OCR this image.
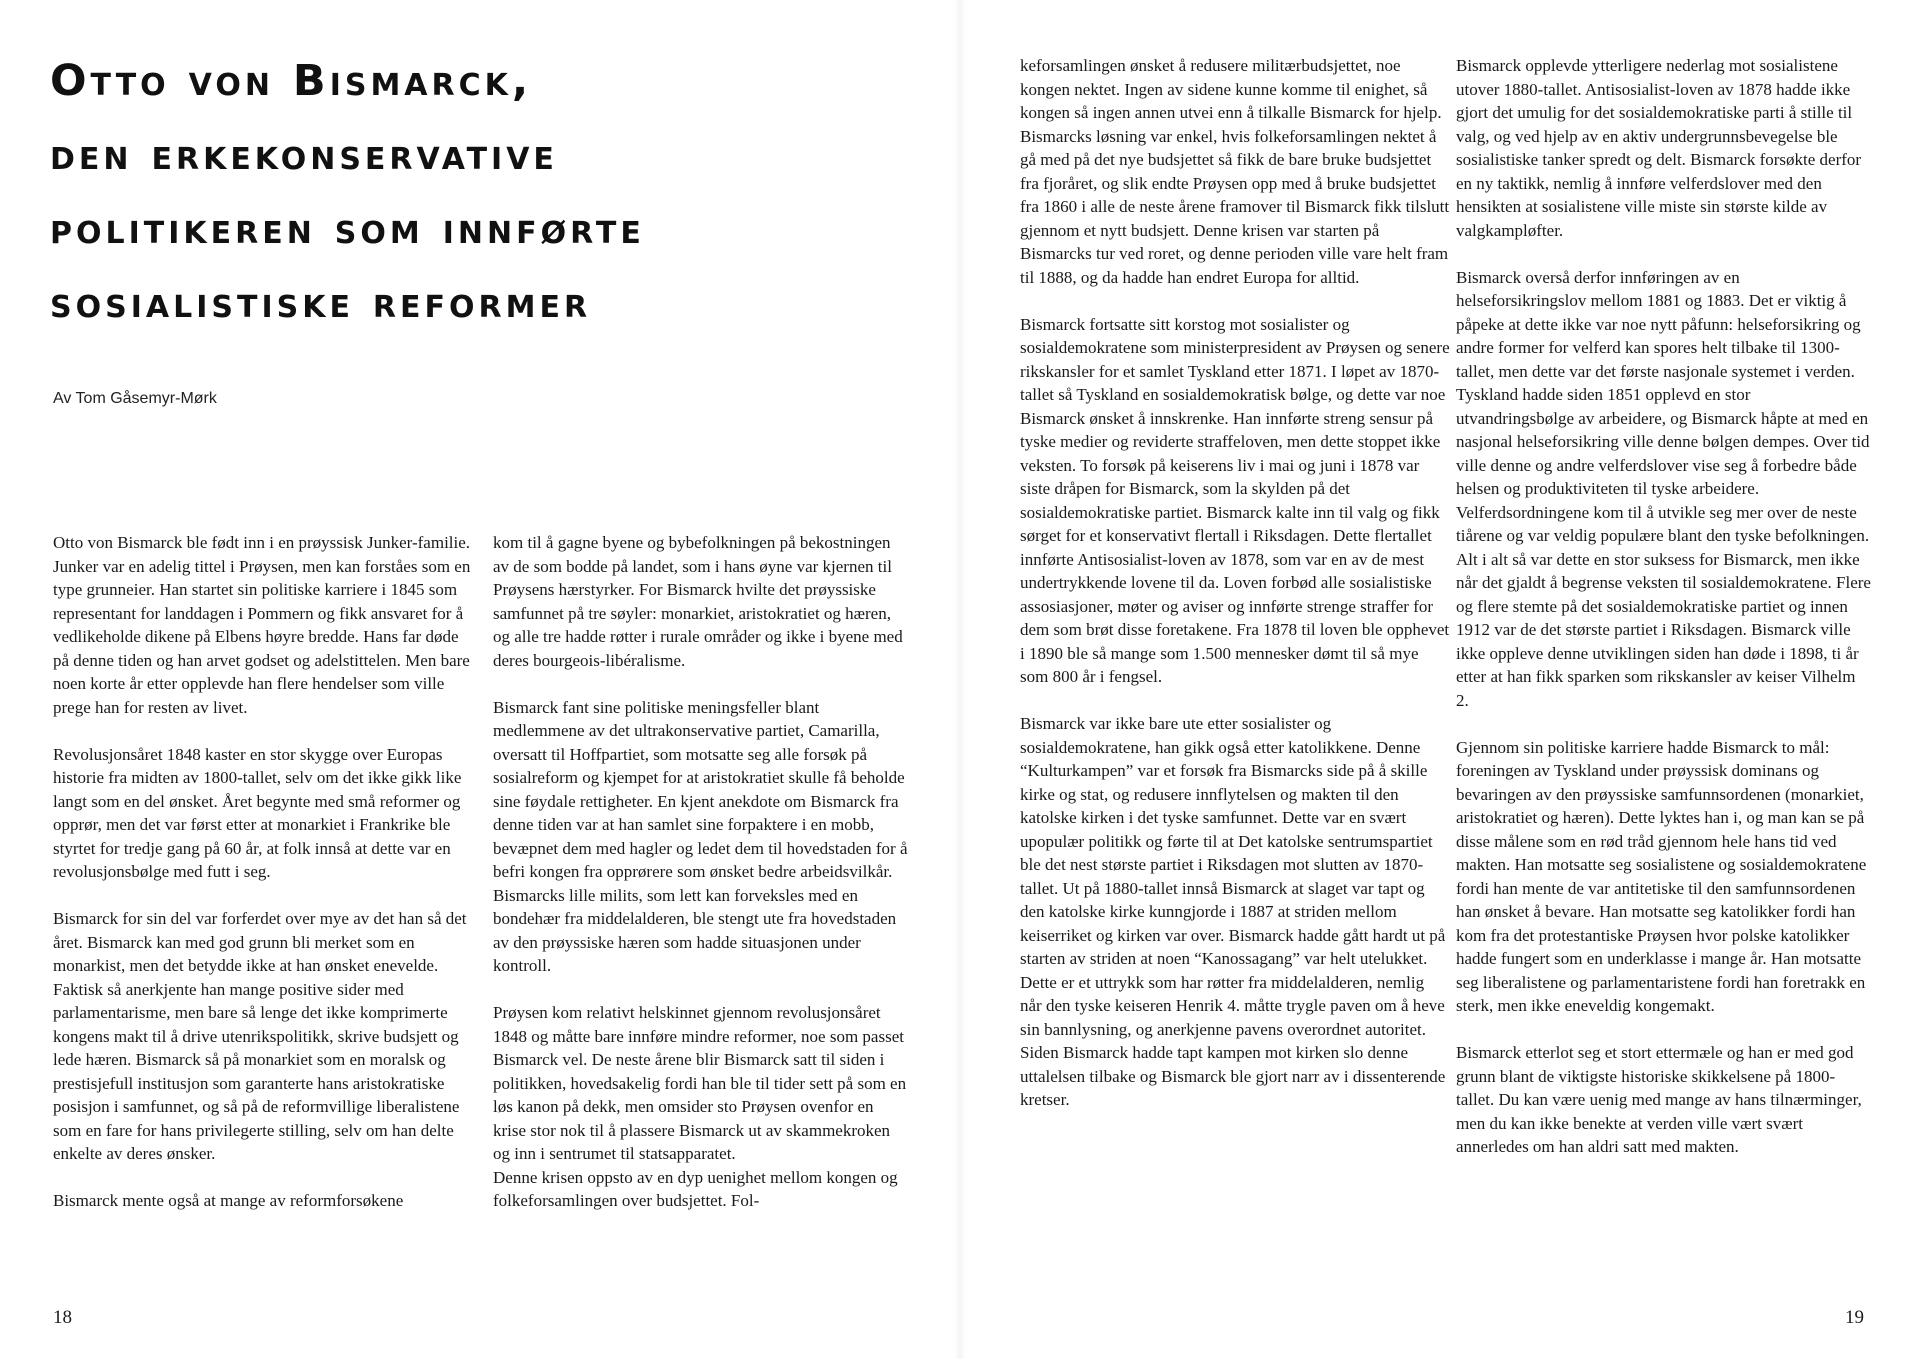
Otto von Bismarck,
den erkekonservative
politikeren som innførte
sosialistiske reformer
Av Tom Gåsemyr-Mørk

Otto von Bismarck ble født inn i en prøyssisk Junker-familie. Junker var en adelig tittel i Prøysen, men kan forståes som en type grunneier. Han startet sin politiske karriere i 1845 som representant for landdagen i Pommern og fikk ansvaret for å vedlikeholde dikene på Elbens høyre bredde. Hans far døde på denne tiden og han arvet godset og adelstittelen. Men bare noen korte år etter opplevde han flere hendelser som ville prege han for resten av livet.

Revolusjonsåret 1848 kaster en stor skygge over Europas historie fra midten av 1800-tallet, selv om det ikke gikk like langt som en del ønsket. Året begynte med små reformer og opprør, men det var først etter at monarkiet i Frankrike ble styrtet for tredje gang på 60 år, at folk innså at dette var en revolusjonsbølge med futt i seg.

Bismarck for sin del var forferdet over mye av det han så det året. Bismarck kan med god grunn bli merket som en monarkist, men det betydde ikke at han ønsket enevelde. Faktisk så anerkjente han mange positive sider med parlamentarisme, men bare så lenge det ikke komprimerte kongens makt til å drive utenrikspolitikk, skrive budsjett og lede hæren. Bismarck så på monarkiet som en moralsk og prestisjefull institusjon som garanterte hans aristokratiske posisjon i samfunnet, og så på de reformvillige liberalistene som en fare for hans privilegerte stilling, selv om han delte enkelte av deres ønsker.

Bismarck mente også at mange av reformforsøkene

kom til å gagne byene og bybefolkningen på bekostningen av de som bodde på landet, som i hans øyne var kjernen til Prøysens hærstyrker. For Bismarck hvilte det prøyssiske samfunnet på tre søyler: monarkiet, aristokratiet og hæren, og alle tre hadde røtter i rurale områder og ikke i byene med deres bourgeois-libéralisme.

Bismarck fant sine politiske meningsfeller blant medlemmene av det ultrakonservative partiet, Camarilla, oversatt til Hoffpartiet, som motsatte seg alle forsøk på sosialreform og kjempet for at aristokratiet skulle få beholde sine føydale rettigheter. En kjent anekdote om Bismarck fra denne tiden var at han samlet sine forpaktere i en mobb, bevæpnet dem med hagler og ledet dem til hovedstaden for å befri kongen fra opprørere som ønsket bedre arbeidsvilkår. Bismarcks lille milits, som lett kan forveksles med en bondehær fra middelalderen, ble stengt ute fra hovedstaden av den prøyssiske hæren som hadde situasjonen under kontroll.

Prøysen kom relativt helskinnet gjennom revolusjonsåret 1848 og måtte bare innføre mindre reformer, noe som passet Bismarck vel. De neste årene blir Bismarck satt til siden i politikken, hovedsakelig fordi han ble til tider sett på som en løs kanon på dekk, men omsider sto Prøysen ovenfor en krise stor nok til å plassere Bismarck ut av skammekroken og inn i sentrumet til statsapparatet.

Denne krisen oppsto av en dyp uenighet mellom kongen og folkeforsamlingen over budsjettet. Fol-

18

keforsamlingen ønsket å redusere militærbudsjettet, noe kongen nektet. Ingen av sidene kunne komme til enighet, så kongen så ingen annen utvei enn å tilkalle Bismarck for hjelp. Bismarcks løsning var enkel, hvis folkeforsamlingen nektet å gå med på det nye budsjettet så fikk de bare bruke budsjettet fra fjoråret, og slik endte Prøysen opp med å bruke budsjettet fra 1860 i alle de neste årene framover til Bismarck fikk tilslutt gjennom et nytt budsjett. Denne krisen var starten på Bismarcks tur ved roret, og denne perioden ville vare helt fram til 1888, og da hadde han endret Europa for alltid.

Bismarck fortsatte sitt korstog mot sosialister og sosialdemokratene som ministerpresident av Prøysen og senere rikskansler for et samlet Tyskland etter 1871. I løpet av 1870-tallet så Tyskland en sosialdemokratisk bølge, og dette var noe Bismarck ønsket å innskrenke. Han innførte streng sensur på tyske medier og reviderte straffeloven, men dette stoppet ikke veksten. To forsøk på keiserens liv i mai og juni i 1878 var siste dråpen for Bismarck, som la skylden på det sosialdemokratiske partiet. Bismarck kalte inn til valg og fikk sørget for et konservativt flertall i Riksdagen. Dette flertallet innførte Antisosialist-loven av 1878, som var en av de mest undertrykkende lovene til da. Loven forbød alle sosialistiske assosiasjoner, møter og aviser og innførte strenge straffer for dem som brøt disse foretakene. Fra 1878 til loven ble opphevet i 1890 ble så mange som 1.500 mennesker dømt til så mye som 800 år i fengsel.

Bismarck var ikke bare ute etter sosialister og sosialdemokratene, han gikk også etter katolikkene. Denne “Kulturkampen” var et forsøk fra Bismarcks side på å skille kirke og stat, og redusere innflytelsen og makten til den katolske kirken i det tyske samfunnet. Dette var en svært upopulær politikk og førte til at Det katolske sentrumspartiet ble det nest største partiet i Riksdagen mot slutten av 1870-tallet. Ut på 1880-tallet innså Bismarck at slaget var tapt og den katolske kirke kunngjorde i 1887 at striden mellom keiserriket og kirken var over. Bismarck hadde gått hardt ut på starten av striden at noen “Kanossagang” var helt utelukket. Dette er et uttrykk som har røtter fra middelalderen, nemlig når den tyske keiseren Henrik 4. måtte trygle paven om å heve sin bannlysning, og anerkjenne pavens overordnet autoritet. Siden Bismarck hadde tapt kampen mot kirken slo denne uttalelsen tilbake og Bismarck ble gjort narr av i dissenterende kretser.

Bismarck opplevde ytterligere nederlag mot sosialistene utover 1880-tallet. Antisosialist-loven av 1878 hadde ikke gjort det umulig for det sosialdemokratiske parti å stille til valg, og ved hjelp av en aktiv undergrunnsbevegelse ble sosialistiske tanker spredt og delt. Bismarck forsøkte derfor en ny taktikk, nemlig å innføre velferdslover med den hensikten at sosialistene ville miste sin største kilde av valgkampløfter.

Bismarck overså derfor innføringen av en helseforsikringslov mellom 1881 og 1883. Det er viktig å påpeke at dette ikke var noe nytt påfunn: helseforsikring og andre former for velferd kan spores helt tilbake til 1300-tallet, men dette var det første nasjonale systemet i verden. Tyskland hadde siden 1851 opplevd en stor utvandringsbølge av arbeidere, og Bismarck håpte at med en nasjonal helseforsikring ville denne bølgen dempes. Over tid ville denne og andre velferdslover vise seg å forbedre både helsen og produktiviteten til tyske arbeidere. Velferdsordningene kom til å utvikle seg mer over de neste tiårene og var veldig populære blant den tyske befolkningen. Alt i alt så var dette en stor suksess for Bismarck, men ikke når det gjaldt å begrense veksten til sosialdemokratene. Flere og flere stemte på det sosialdemokratiske partiet og innen 1912 var de det største partiet i Riksdagen. Bismarck ville ikke oppleve denne utviklingen siden han døde i 1898, ti år etter at han fikk sparken som rikskansler av keiser Vilhelm 2.

Gjennom sin politiske karriere hadde Bismarck to mål: foreningen av Tyskland under prøyssisk dominans og bevaringen av den prøyssiske samfunnsordenen (monarkiet, aristokratiet og hæren). Dette lyktes han i, og man kan se på disse målene som en rød tråd gjennom hele hans tid ved makten. Han motsatte seg sosialistene og sosialdemokratene fordi han mente de var antitetiske til den samfunnsordenen han ønsket å bevare. Han motsatte seg katolikker fordi han kom fra det protestantiske Prøysen hvor polske katolikker hadde fungert som en underklasse i mange år. Han motsatte seg liberalistene og parlamentaristene fordi han foretrakk en sterk, men ikke eneveldig kongemakt.

Bismarck etterlot seg et stort ettermæle og han er med god grunn blant de viktigste historiske skikkelsene på 1800-tallet. Du kan være uenig med mange av hans tilnærminger, men du kan ikke benekte at verden ville vært svært annerledes om han aldri satt med makten.

19
